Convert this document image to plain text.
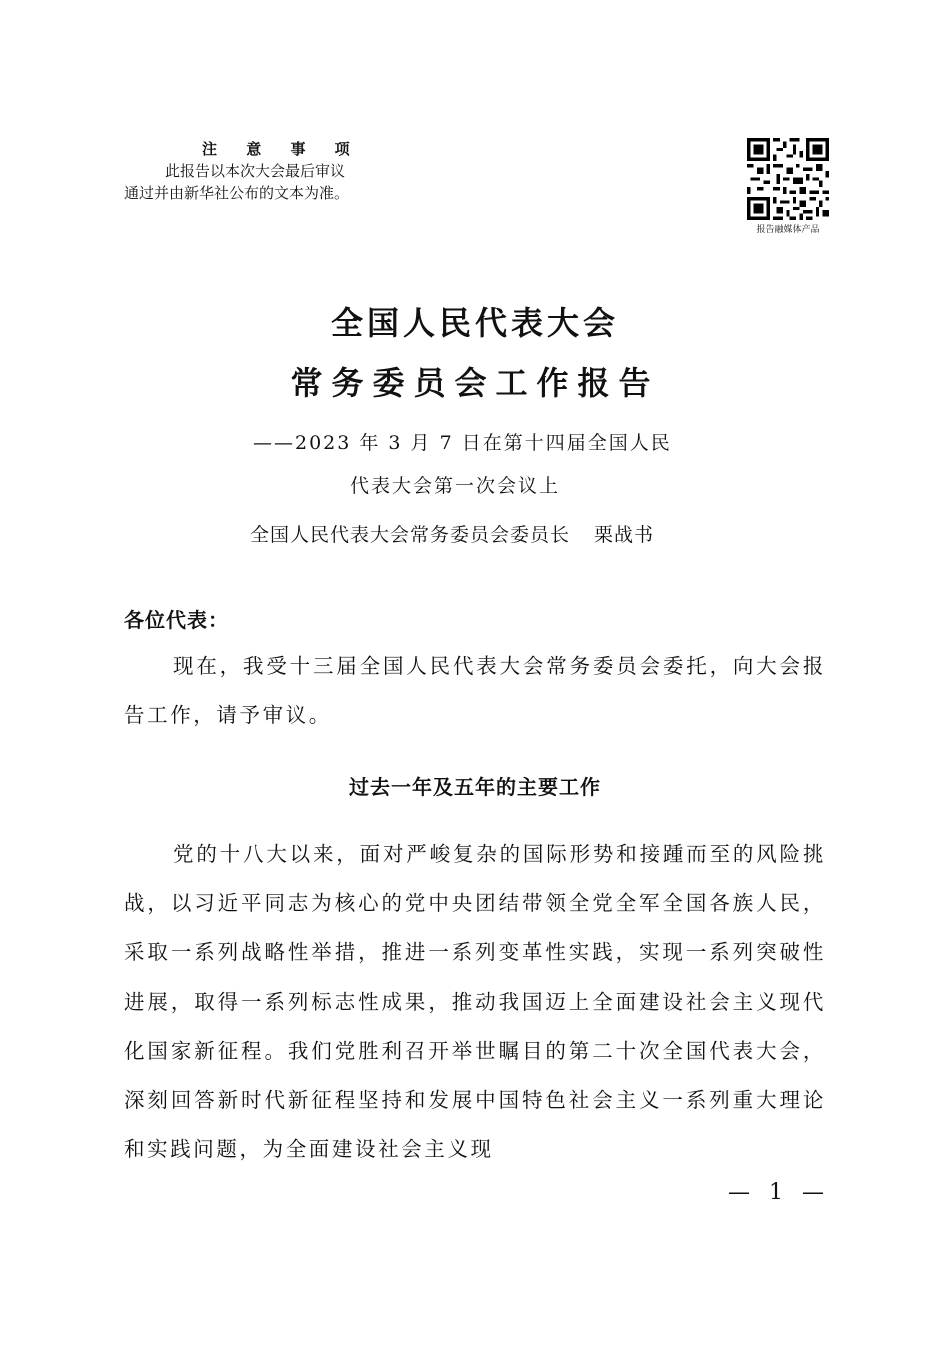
注 意 事 项
此报告以本次大会最后审议
通过并由新华社公布的文本为准。
报告融媒体产品
全国人民代表大会
常务委员会工作报告
——2023 年 3 月 7 日在第十四届全国人民
代表大会第一次会议上
全国人民代表大会常务委员会委员长 栗战书
各位代表：
现在，我受十三届全国人民代表大会常务委员会委托，向大会报告工作，请予审议。
过去一年及五年的主要工作
党的十八大以来，面对严峻复杂的国际形势和接踵而至的风险挑战，以习近平同志为核心的党中央团结带领全党全军全国各族人民，采取一系列战略性举措，推进一系列变革性实践，实现一系列突破性进展，取得一系列标志性成果，推动我国迈上全面建设社会主义现代化国家新征程。我们党胜利召开举世瞩目的第二十次全国代表大会，深刻回答新时代新征程坚持和发展中国特色社会主义一系列重大理论和实践问题，为全面建设社会主义现
— 1 —
